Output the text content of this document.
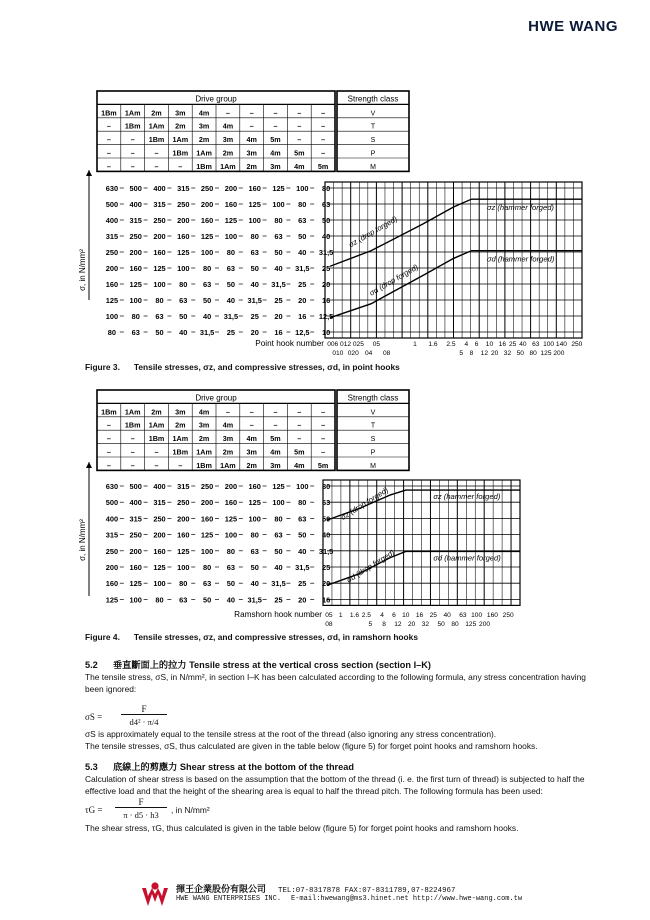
HWE WANG
Drive group	Strength class
1Bm 1Am 2m 3m 4m –	–	–	–	–	V
– 1Bm 1Am 2m 3m 4m –	–	–	–	T
–	– 1Bm 1Am 2m 3m 4m 5m –	–	S
–	–	– 1Bm 1Am 2m 3m 4m 5m –	P
–	–	–	– 1Bm 1Am 2m 3m 4m 5m	M
630 500 400 315 250 200 160 125 100 80
500 400 315 250 200 160 125 100 80 63
400 315 250 200 160 125 100 80 63 50
315 250 200 160 125 100 80 63 50 40
250 200 160 125 100 80 63 50 40 31,5
200 160 125 100 80 63 50 40 31,5 25
160 125 100 80 63 50 40 31,5 25 20
125 100 80 63 50 40 31,5 25 20 16
100 80 63 50 40 31,5 25 20 16 12,5
80 63 50 40 31,5 25 20 16 12,5 10
σ, in N/mm²
σz (drop forged)
σz (hammer forged)
σd (drop forged)
σd (hammer forged)
Point hook number 006 012 025 05	1 1.6 2.5 4 6 10 16 25 40 63 100 140 250
010 020 04 08	5 8 12 20 32 50 80 125 200
Figure 3. Tensile stresses, σz, and compressive stresses, σd, in point hooks
Drive group	Strength class
1Bm 1Am 2m 3m 4m –	–	–	–	–	V
– 1Bm 1Am 2m 3m 4m –	–	–	–	T
–	– 1Bm 1Am 2m 3m 4m 5m –	–	S
–	–	– 1Bm 1Am 2m 3m 4m 5m –	P
–	–	–	– 1Bm 1Am 2m 3m 4m 5m	M
630 500 400 315 250 200 160 125 100 80
500 400 315 250 200 160 125 100 80 63
400 315 250 200 160 125 100 80 63 50
315 250 200 160 125 100 80 63 50 40
250 200 160 125 100 80 63 50 40 31,5
200 160 125 100 80 63 50 40 31,5 25
160 125 100 80 63 50 40 31,5 25 20
125 100 80 63 50 40 31,5 25 20 16
σ, in N/mm²
σz (drop forged)	σz (hammer forged)
σd (drop forged)	σd (hammer forged)
Ramshorn hook number 05 1 1.6 2.5 4 6 10 16 25 40 63 100 160 250
08	5 8 12 20 32 50 80 125 200
Figure 4. Tensile stresses, σz, and compressive stresses, σd, in ramshorn hooks
5.2 垂直斷面上的拉力 Tensile stress at the vertical cross section (section I–K)
The tensile stress, σS, in N/mm², in section I–K has been calculated according to the following formula, any stress concentration having been ignored:
σS =
F
d4² · π/4
σS is approximately equal to the tensile stress at the root of the thread (also ignoring any stress concentration).
The tensile stresses, σS, thus calculated are given in the table below (figure 5) for forget point hooks and ramshorn hooks.
5.3 底線上的剪應力 Shear stress at the bottom of the thread
Calculation of shear stress is based on the assumption that the bottom of the thread (i. e. the first turn of thread) is subjected to half the effective load and that the height of the shearing area is equal to half the thread pitch. The following formula has been used:
τG =
F
π · d5 · h3	, in N/mm²
The shear stress, τG, thus calculated is given in the table below (figure 5) for forget point hooks and ramshorn hooks.
揮王企業股份有限公司 TEL:07-8317878 FAX:07-8311789,07-8224967
HWE WANG ENTERPRISES INC. E-mail:hwewang@ms3.hinet.net http://www.hwe-wang.com.tw
